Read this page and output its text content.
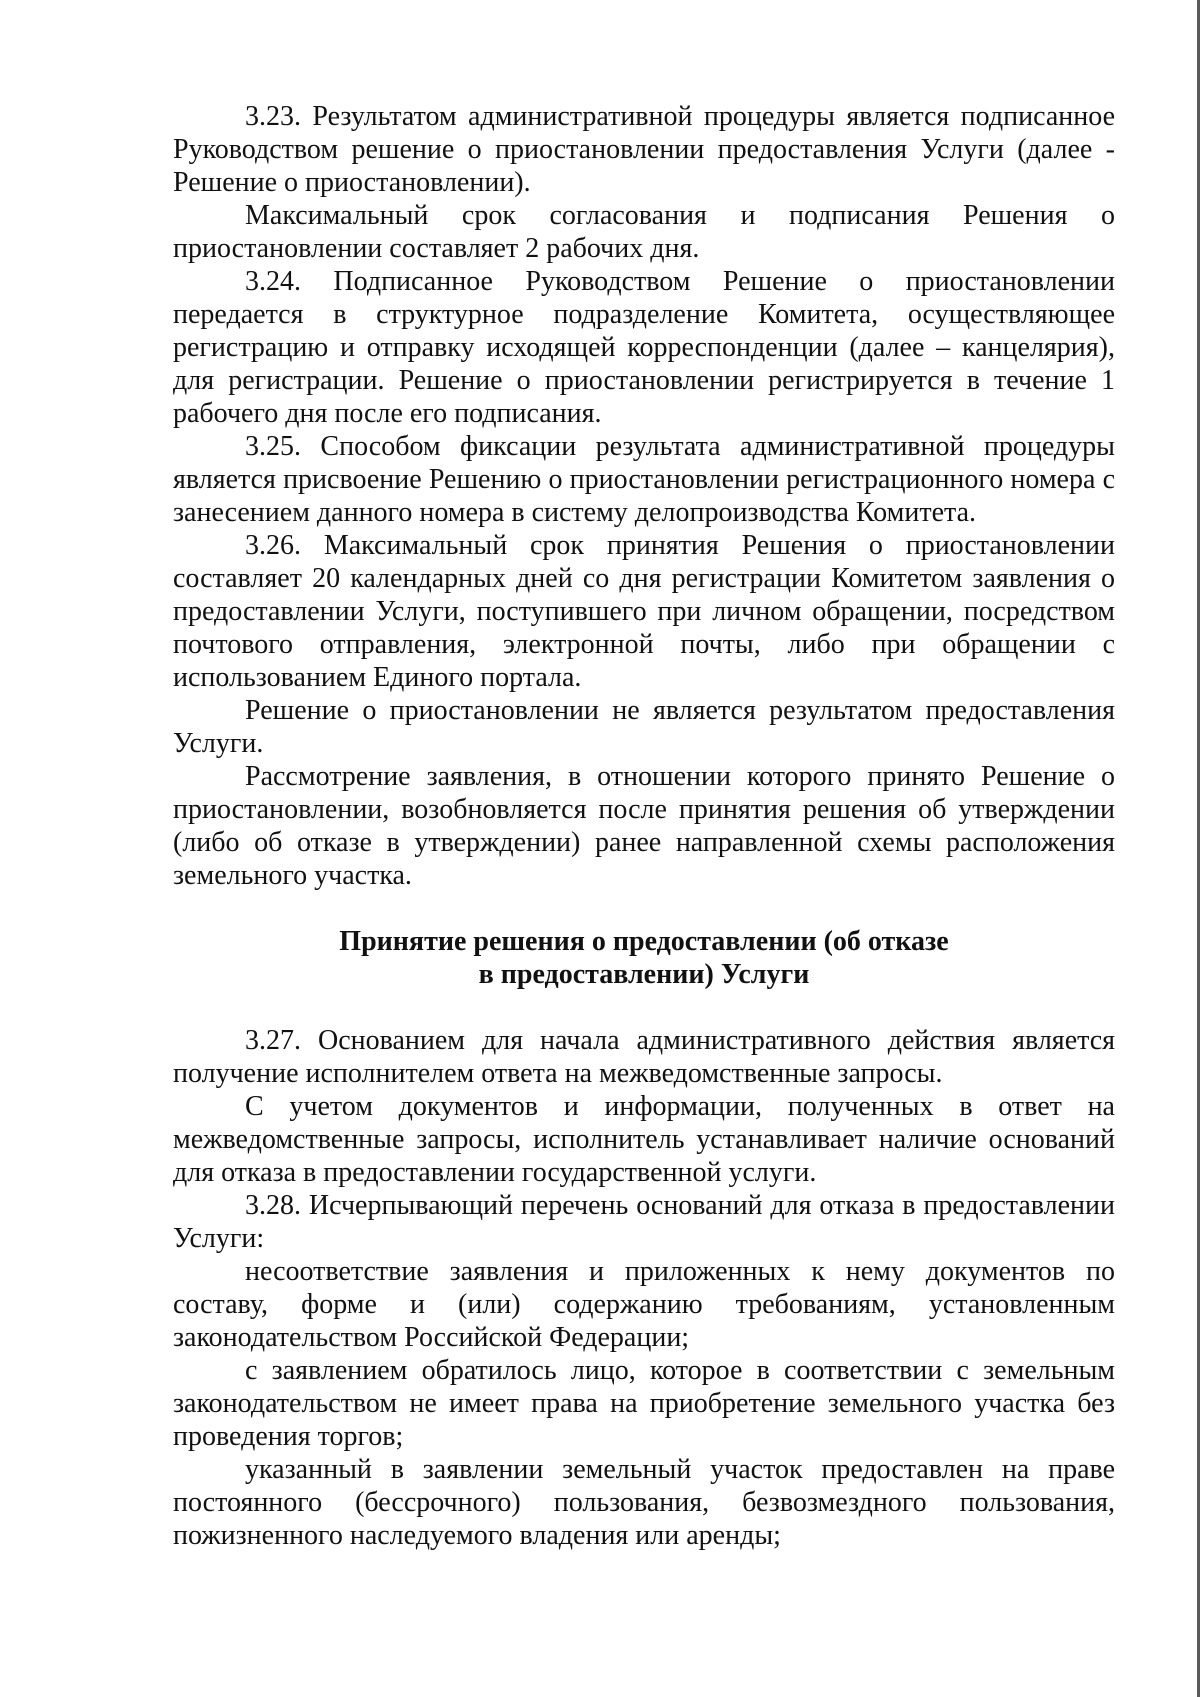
3.23. Результатом административной процедуры является подписанное Руководством решение о приостановлении предоставления Услуги (далее - Решение о приостановлении).

Максимальный срок согласования и подписания Решения о приостановлении составляет 2 рабочих дня.

3.24. Подписанное Руководством Решение о приостановлении передается в структурное подразделение Комитета, осуществляющее регистрацию и отправку исходящей корреспонденции (далее – канцелярия), для регистрации. Решение о приостановлении регистрируется в течение 1 рабочего дня после его подписания.

3.25. Способом фиксации результата административной процедуры является присвоение Решению о приостановлении регистрационного номера с занесением данного номера в систему делопроизводства Комитета.

3.26. Максимальный срок принятия Решения о приостановлении составляет 20 календарных дней со дня регистрации Комитетом заявления о предоставлении Услуги, поступившего при личном обращении, посредством почтового отправления, электронной почты, либо при обращении с использованием Единого портала.

Решение о приостановлении не является результатом предоставления Услуги.

Рассмотрение заявления, в отношении которого принято Решение о приостановлении, возобновляется после принятия решения об утверждении (либо об отказе в утверждении) ранее направленной схемы расположения земельного участка.

Принятие решения о предоставлении (об отказе
в предоставлении) Услуги

3.27. Основанием для начала административного действия является получение исполнителем ответа на межведомственные запросы.

С учетом документов и информации, полученных в ответ на межведомственные запросы, исполнитель устанавливает наличие оснований для отказа в предоставлении государственной услуги.

3.28. Исчерпывающий перечень оснований для отказа в предоставлении Услуги:

несоответствие заявления и приложенных к нему документов по составу, форме и (или) содержанию требованиям, установленным законодательством Российской Федерации;

с заявлением обратилось лицо, которое в соответствии с земельным законодательством не имеет права на приобретение земельного участка без проведения торгов;

указанный в заявлении земельный участок предоставлен на праве постоянного (бессрочного) пользования, безвозмездного пользования, пожизненного наследуемого владения или аренды;
